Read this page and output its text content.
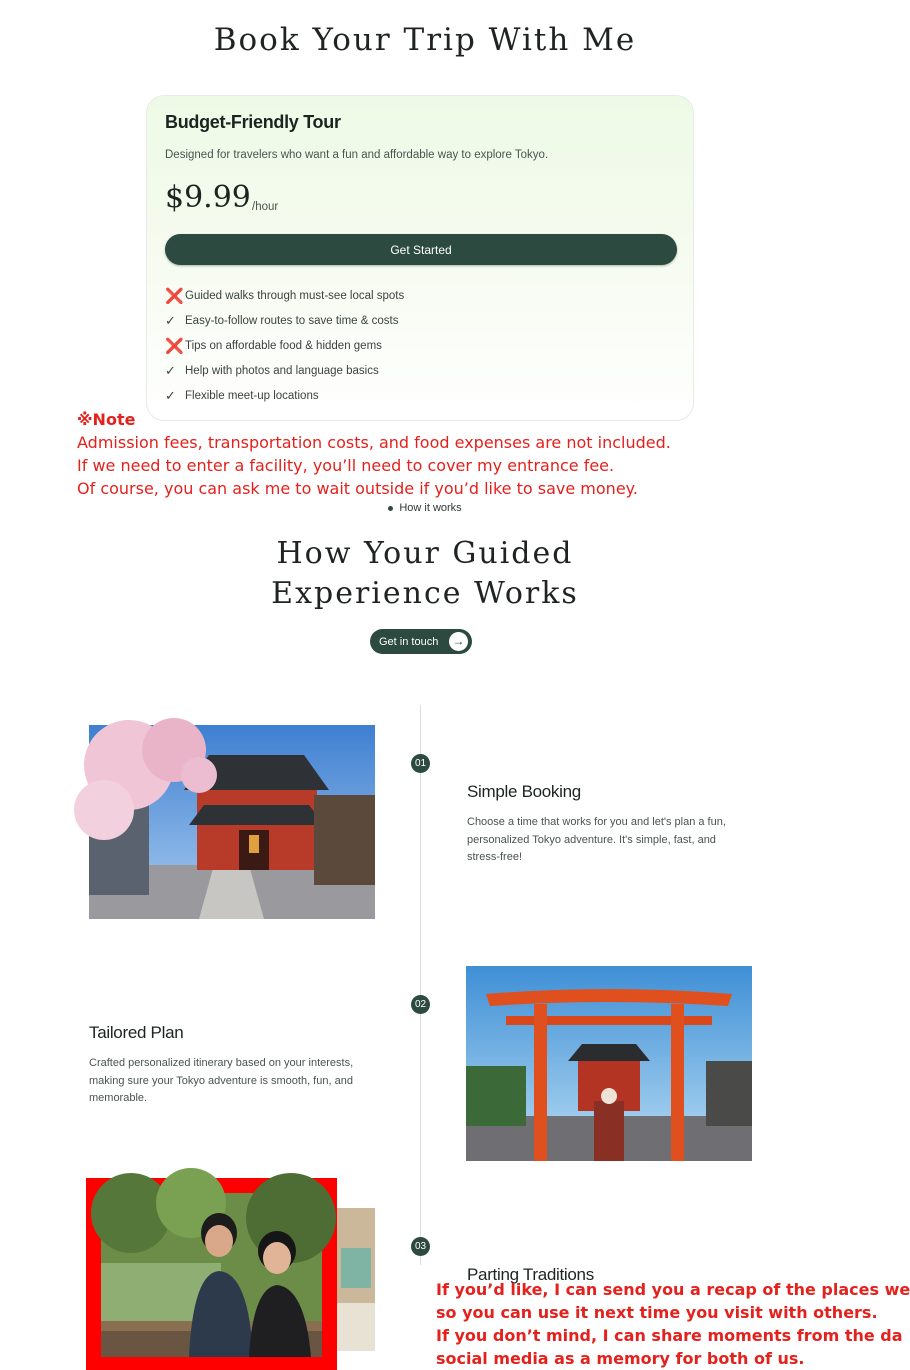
Book Your Trip With Me
Budget-Friendly Tour
Designed for travelers who want a fun and affordable way to explore Tokyo.
$9.99 /hour
Get Started
❌ Guided walks through must-see local spots
✓ Easy-to-follow routes to save time & costs
❌ Tips on affordable food & hidden gems
✓ Help with photos and language basics
✓ Flexible meet-up locations
※Note
Admission fees, transportation costs, and food expenses are not included.
If we need to enter a facility, you’ll need to cover my entrance fee.
Of course, you can ask me to wait outside if you’d like to save money.
How it works
How Your Guided
Experience Works
Get in touch →
01
Simple Booking
Choose a time that works for you and let's plan a fun, personalized Tokyo adventure. It's simple, fast, and stress-free!
02
Tailored Plan
Crafted personalized itinerary based on your interests, making sure your Tokyo adventure is smooth, fun, and memorable.
03
Parting Traditions
If you’d like, I can send you a recap of the places we
so you can use it next time you visit with others.
If you don’t mind, I can share moments from the da
social media as a memory for both of us.
